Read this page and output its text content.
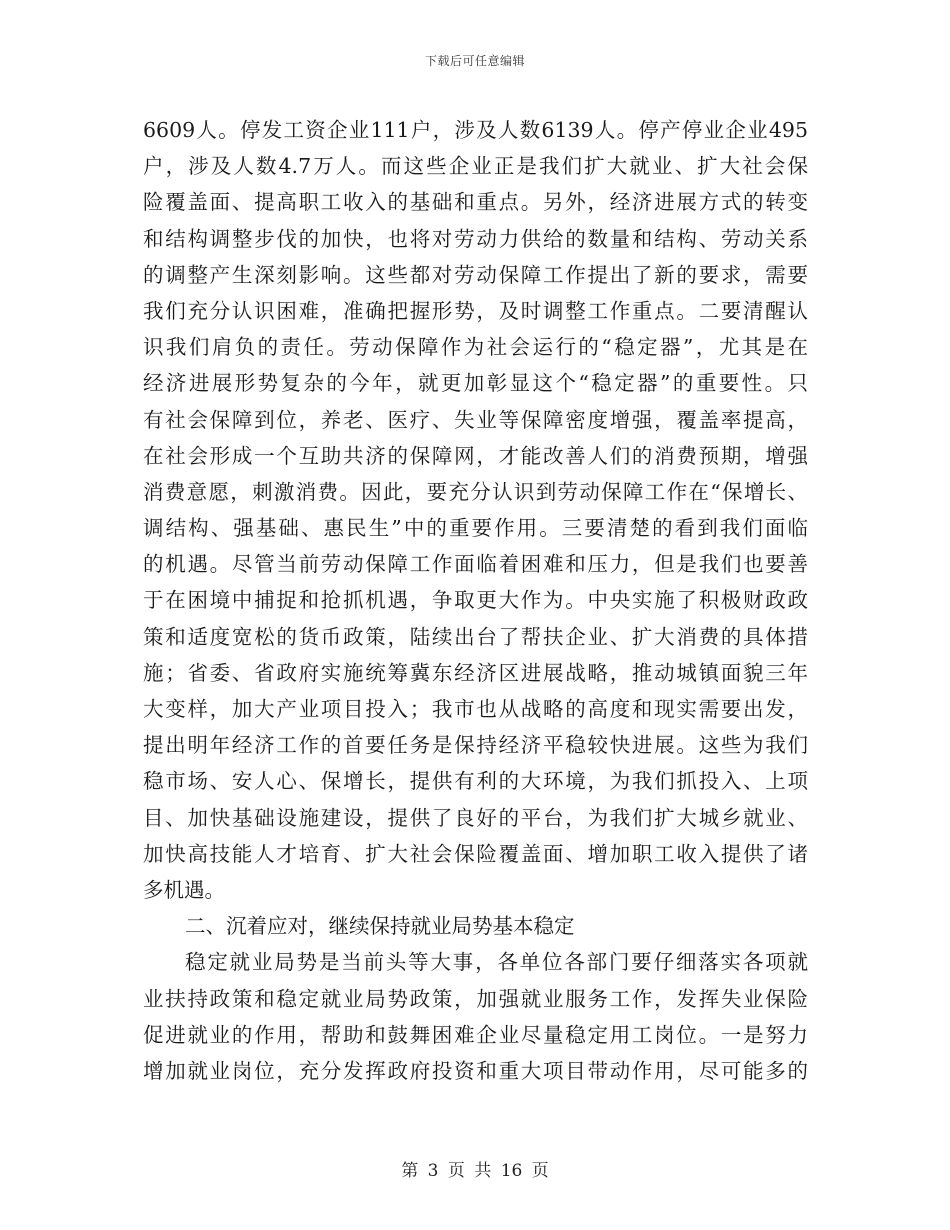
下载后可任意编辑
6609人。停发工资企业111户，涉及人数6139人。停产停业企业495
户，涉及人数4.7万人。而这些企业正是我们扩大就业、扩大社会保
险覆盖面、提高职工收入的基础和重点。另外，经济进展方式的转变
和结构调整步伐的加快，也将对劳动力供给的数量和结构、劳动关系
的调整产生深刻影响。这些都对劳动保障工作提出了新的要求，需要
我们充分认识困难，准确把握形势，及时调整工作重点。二要清醒认
识我们肩负的责任。劳动保障作为社会运行的“稳定器”，尤其是在
经济进展形势复杂的今年，就更加彰显这个“稳定器”的重要性。只
有社会保障到位，养老、医疗、失业等保障密度增强，覆盖率提高，
在社会形成一个互助共济的保障网，才能改善人们的消费预期，增强
消费意愿，刺激消费。因此，要充分认识到劳动保障工作在“保增长、
调结构、强基础、惠民生”中的重要作用。三要清楚的看到我们面临
的机遇。尽管当前劳动保障工作面临着困难和压力，但是我们也要善
于在困境中捕捉和抢抓机遇，争取更大作为。中央实施了积极财政政
策和适度宽松的货币政策，陆续出台了帮扶企业、扩大消费的具体措
施；省委、省政府实施统筹冀东经济区进展战略，推动城镇面貌三年
大变样，加大产业项目投入；我市也从战略的高度和现实需要出发，
提出明年经济工作的首要任务是保持经济平稳较快进展。这些为我们
稳市场、安人心、保增长，提供有利的大环境，为我们抓投入、上项
目、加快基础设施建设，提供了良好的平台，为我们扩大城乡就业、
加快高技能人才培育、扩大社会保险覆盖面、增加职工收入提供了诸
多机遇。
二、沉着应对，继续保持就业局势基本稳定
稳定就业局势是当前头等大事，各单位各部门要仔细落实各项就
业扶持政策和稳定就业局势政策，加强就业服务工作，发挥失业保险
促进就业的作用，帮助和鼓舞困难企业尽量稳定用工岗位。一是努力
增加就业岗位，充分发挥政府投资和重大项目带动作用，尽可能多的
第 3 页 共 16 页
